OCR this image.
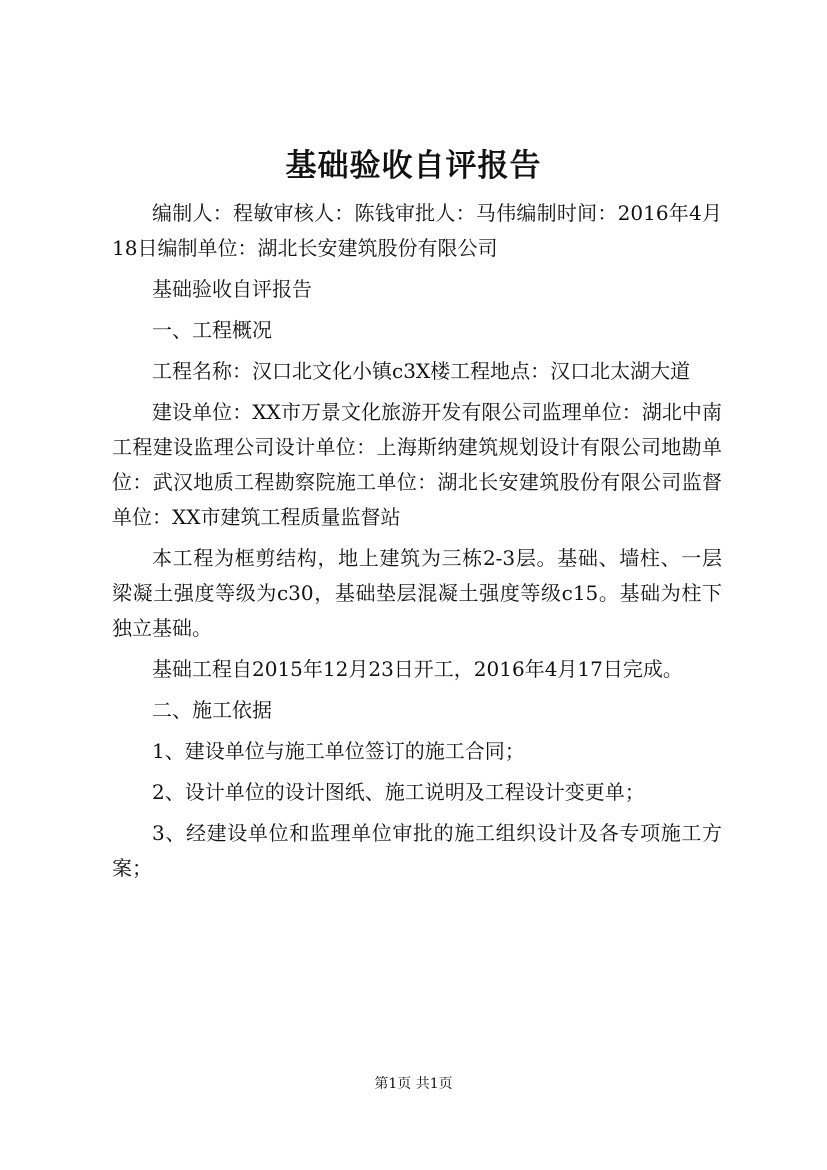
基础验收自评报告

编制人：程敏审核人：陈钱审批人：马伟编制时间：2016年4月18日编制单位：湖北长安建筑股份有限公司

基础验收自评报告

一、工程概况

工程名称：汉口北文化小镇c3X楼工程地点：汉口北太湖大道

建设单位：XX市万景文化旅游开发有限公司监理单位：湖北中南工程建设监理公司设计单位：上海斯纳建筑规划设计有限公司地勘单位：武汉地质工程勘察院施工单位：湖北长安建筑股份有限公司监督单位：XX市建筑工程质量监督站

本工程为框剪结构，地上建筑为三栋2-3层。基础、墙柱、一层梁凝土强度等级为c30，基础垫层混凝土强度等级c15。基础为柱下独立基础。

基础工程自2015年12月23日开工，2016年4月17日完成。

二、施工依据

1、建设单位与施工单位签订的施工合同；

2、设计单位的设计图纸、施工说明及工程设计变更单；

3、经建设单位和监理单位审批的施工组织设计及各专项施工方案；

第1页 共1页
